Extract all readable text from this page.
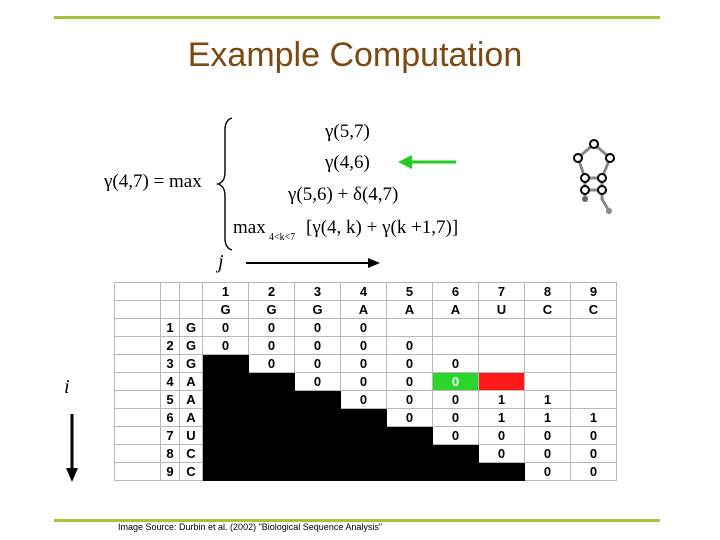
Example Computation
γ(4,7) = max
γ(5,7)
γ(4,6)
γ(5,6) + δ(4,7)
max 4<k<7 [γ(4, k) + γ(k +1,7)]
j
i
			1	2	3	4	5	6	7	8	9
			G	G	G	A	A	A	U	C	C
	1	G	0	0	0	0					
	2	G	0	0	0	0	0				
	3	G		0	0	0	0	0			
	4	A			0	0	0	0			
	5	A				0	0	0	1	1	
	6	A					0	0	1	1	1
	7	U						0	0	0	0
	8	C							0	0	0
	9	C								0	0
Image Source: Durbin et al. (2002) "Biological Sequence Analysis"
